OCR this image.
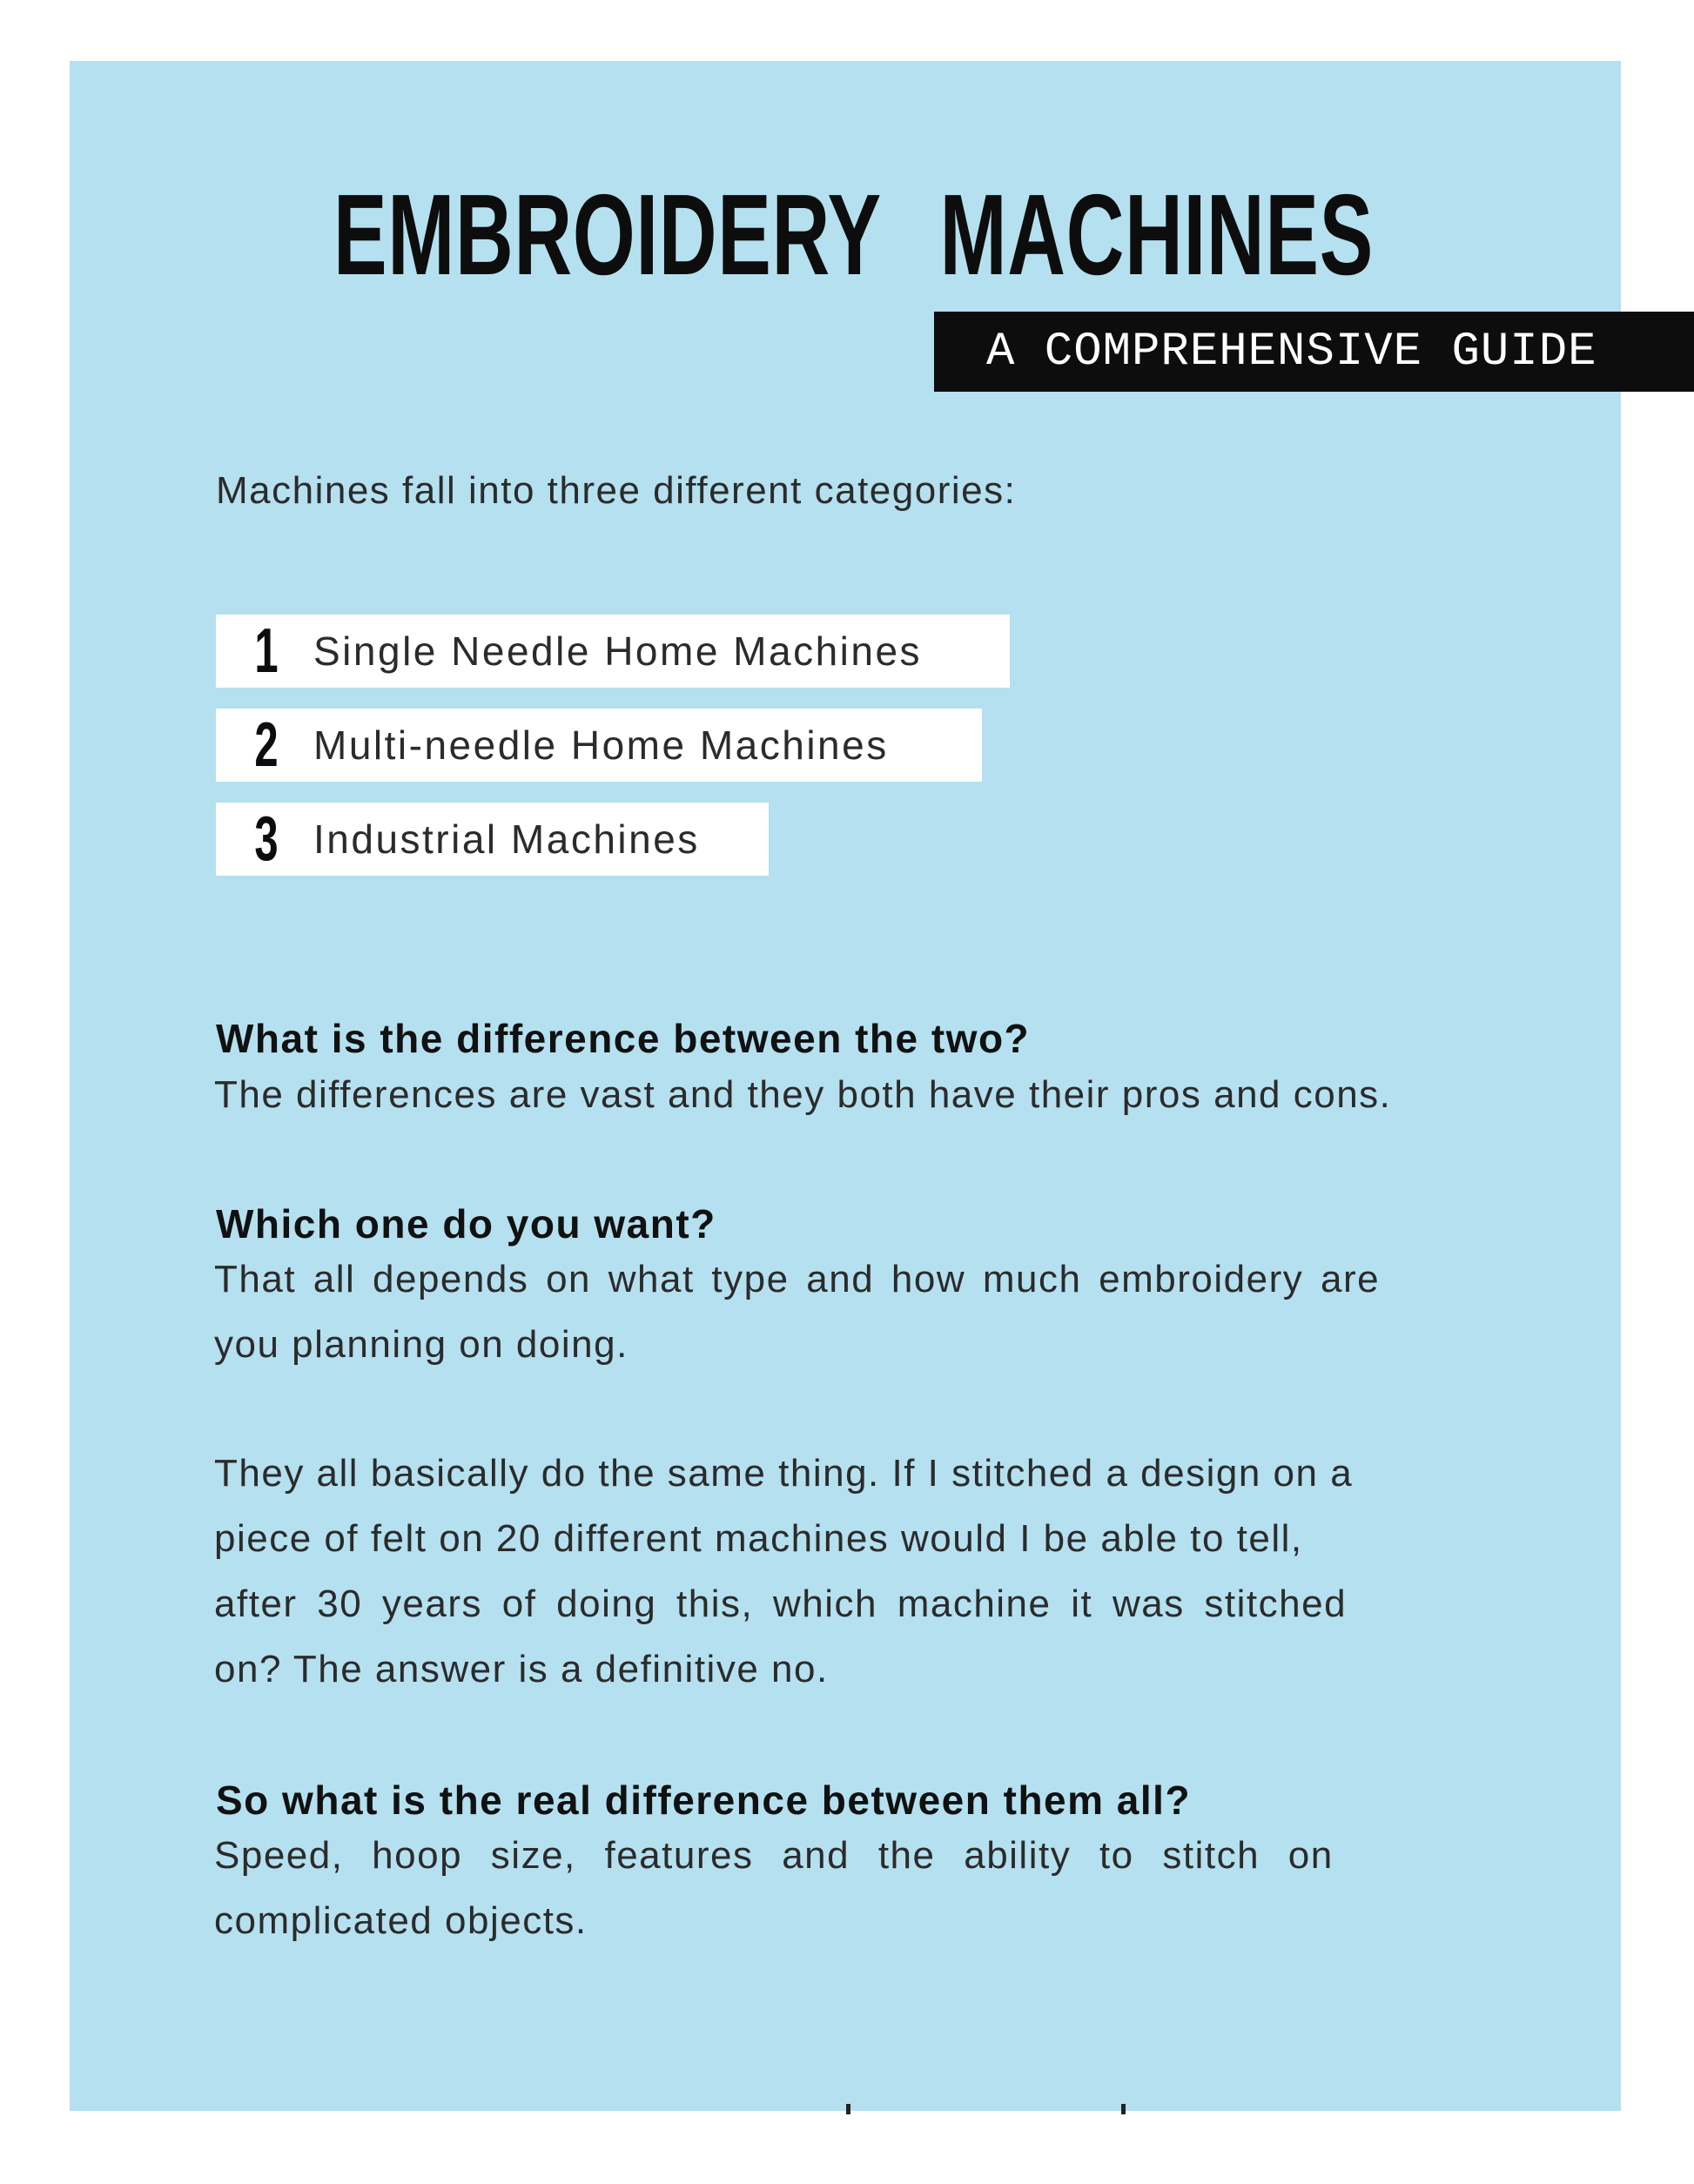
EMBROIDERY MACHINES
A COMPREHENSIVE GUIDE
Machines fall into three different categories:
1 Single Needle Home Machines
2 Multi-needle Home Machines
3 Industrial Machines
What is the difference between the two?
The differences are vast and they both have their pros and cons.
Which one do you want?
That all depends on what type and how much embroidery are
you planning on doing.
They all basically do the same thing. If I stitched a design on a
piece of felt on 20 different machines would I be able to tell,
after 30 years of doing this, which machine it was stitched
on? The answer is a definitive no.
So what is the real difference between them all?
Speed, hoop size, features and the ability to stitch on
complicated objects.
